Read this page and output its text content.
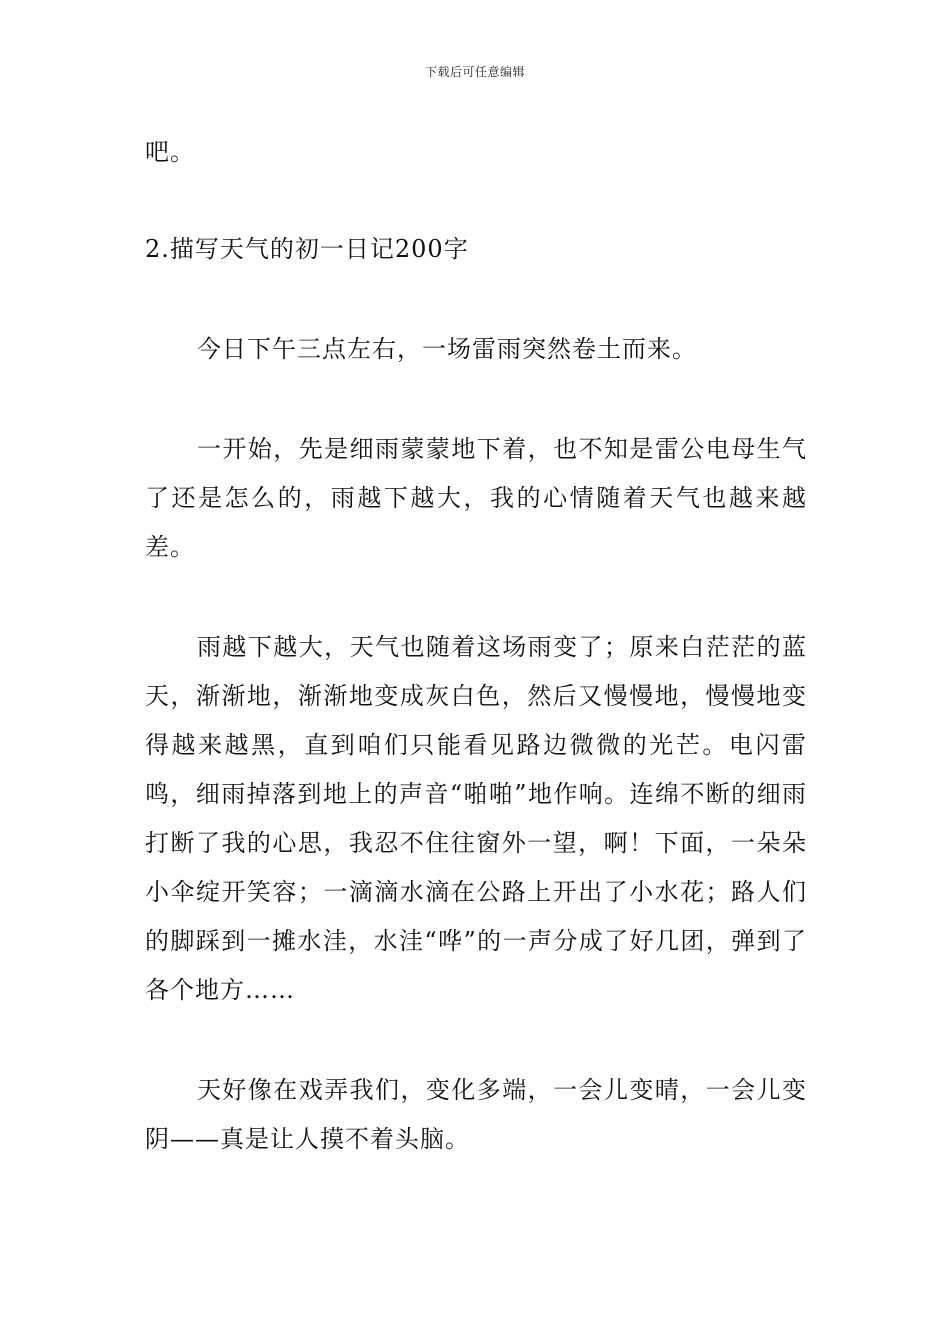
下载后可任意编辑

吧。

2.描写天气的初一日记200字

今日下午三点左右，一场雷雨突然卷土而来。

一开始，先是细雨蒙蒙地下着，也不知是雷公电母生气了还是怎么的，雨越下越大，我的心情随着天气也越来越差。

雨越下越大，天气也随着这场雨变了；原来白茫茫的蓝天，渐渐地，渐渐地变成灰白色，然后又慢慢地，慢慢地变得越来越黑，直到咱们只能看见路边微微的光芒。电闪雷鸣，细雨掉落到地上的声音“啪啪”地作响。连绵不断的细雨打断了我的心思，我忍不住往窗外一望，啊！下面，一朵朵小伞绽开笑容；一滴滴水滴在公路上开出了小水花；路人们的脚踩到一摊水洼，水洼“哗”的一声分成了好几团，弹到了各个地方……

天好像在戏弄我们，变化多端，一会儿变晴，一会儿变阴——真是让人摸不着头脑。
